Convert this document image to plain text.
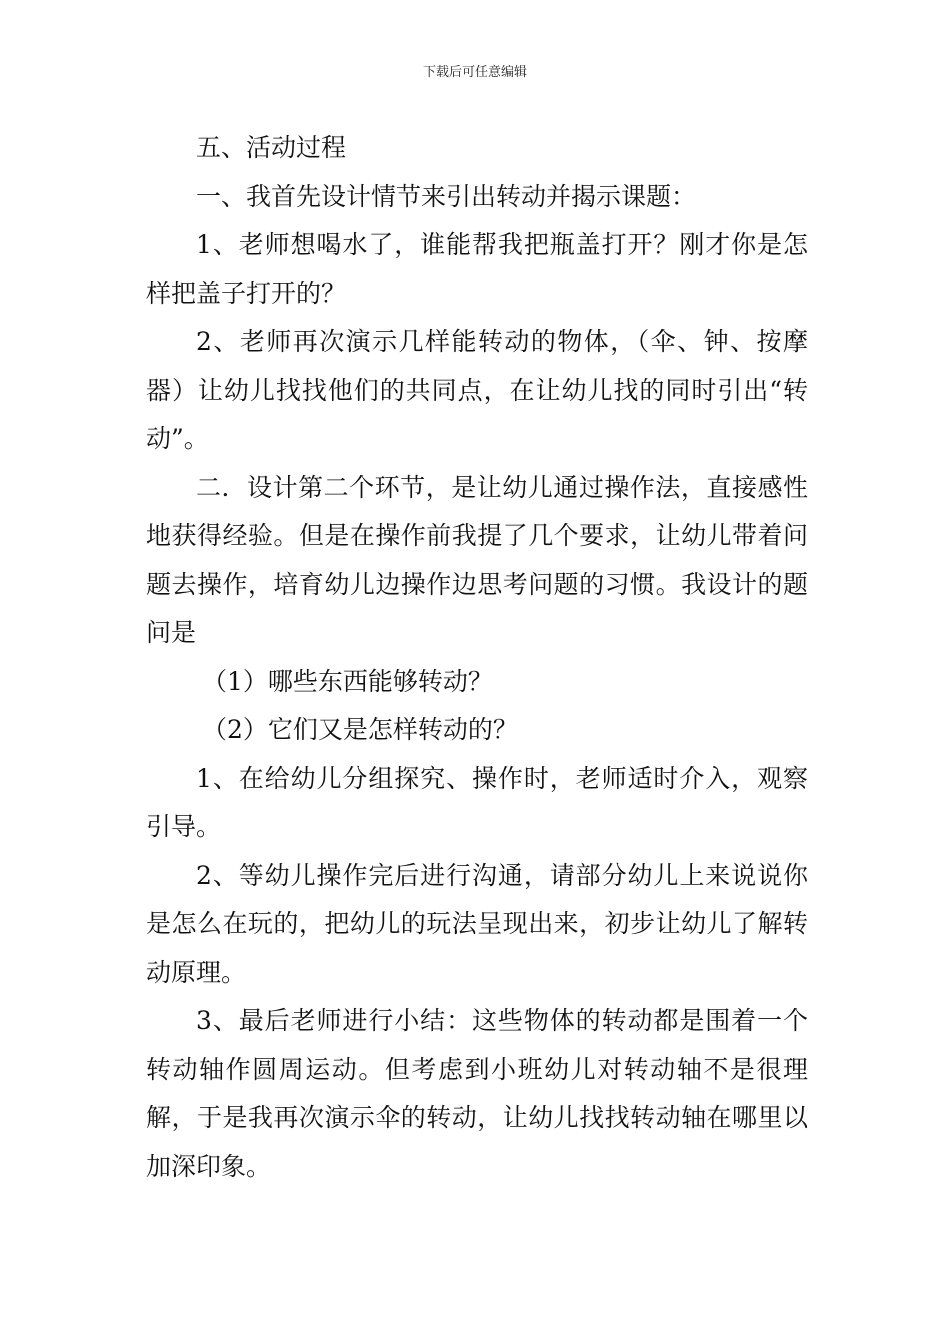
下载后可任意编辑

五、活动过程

一、我首先设计情节来引出转动并揭示课题：

1、老师想喝水了，谁能帮我把瓶盖打开？刚才你是怎样把盖子打开的？

2、老师再次演示几样能转动的物体，（伞、钟、按摩器）让幼儿找找他们的共同点，在让幼儿找的同时引出“转动”。

二．设计第二个环节，是让幼儿通过操作法，直接感性地获得经验。但是在操作前我提了几个要求，让幼儿带着问题去操作，培育幼儿边操作边思考问题的习惯。我设计的题问是

（1）哪些东西能够转动？

（2）它们又是怎样转动的？

1、在给幼儿分组探究、操作时，老师适时介入，观察引导。

2、等幼儿操作完后进行沟通，请部分幼儿上来说说你是怎么在玩的，把幼儿的玩法呈现出来，初步让幼儿了解转动原理。

3、最后老师进行小结：这些物体的转动都是围着一个转动轴作圆周运动。但考虑到小班幼儿对转动轴不是很理解，于是我再次演示伞的转动，让幼儿找找转动轴在哪里以加深印象。
